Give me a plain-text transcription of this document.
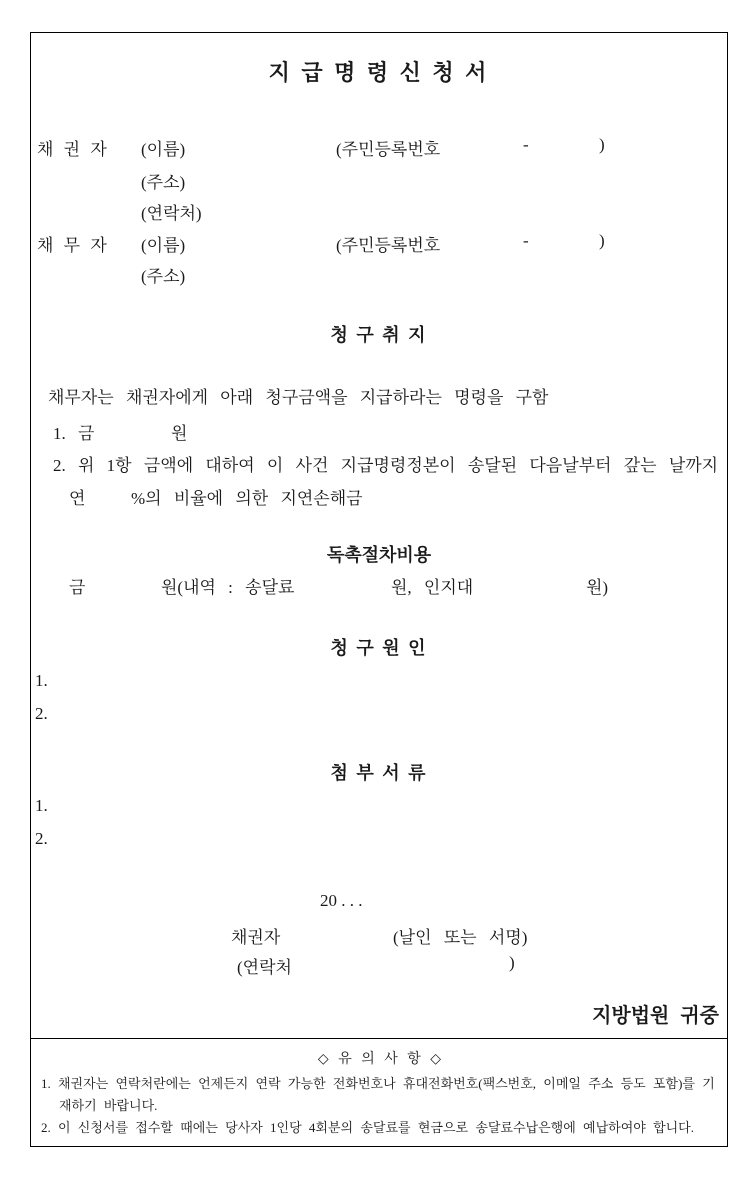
지 급 명 령 신 청 서
채 권 자 (이름)	(주민등록번호	-	)
(주소)
(연락처)
채 무 자 (이름)	(주민등록번호	-	)
(주소)
청 구 취 지
채무자는 채권자에게 아래 청구금액을 지급하라는 명령을 구함
1. 금	원
2. 위 1항 금액에 대하여 이 사건 지급명령정본이 송달된 다음날부터 갚는 날까지
연	%의 비율에 의한 지연손해금
독촉절차비용
금	원(내역 : 송달료	원, 인지대	원)
청 구 원 인
1.
2.
첨 부 서 류
1.
2.
20 . . .
채권자	(날인 또는 서명)
(연락처	)
지방법원 귀중
◇ 유 의 사 항 ◇
1. 채권자는 연락처란에는 언제든지 연락 가능한 전화번호나 휴대전화번호(팩스번호, 이메일 주소 등도 포함)를 기재하기 바랍니다.
2. 이 신청서를 접수할 때에는 당사자 1인당 4회분의 송달료를 현금으로 송달료수납은행에 예납하여야 합니다.
